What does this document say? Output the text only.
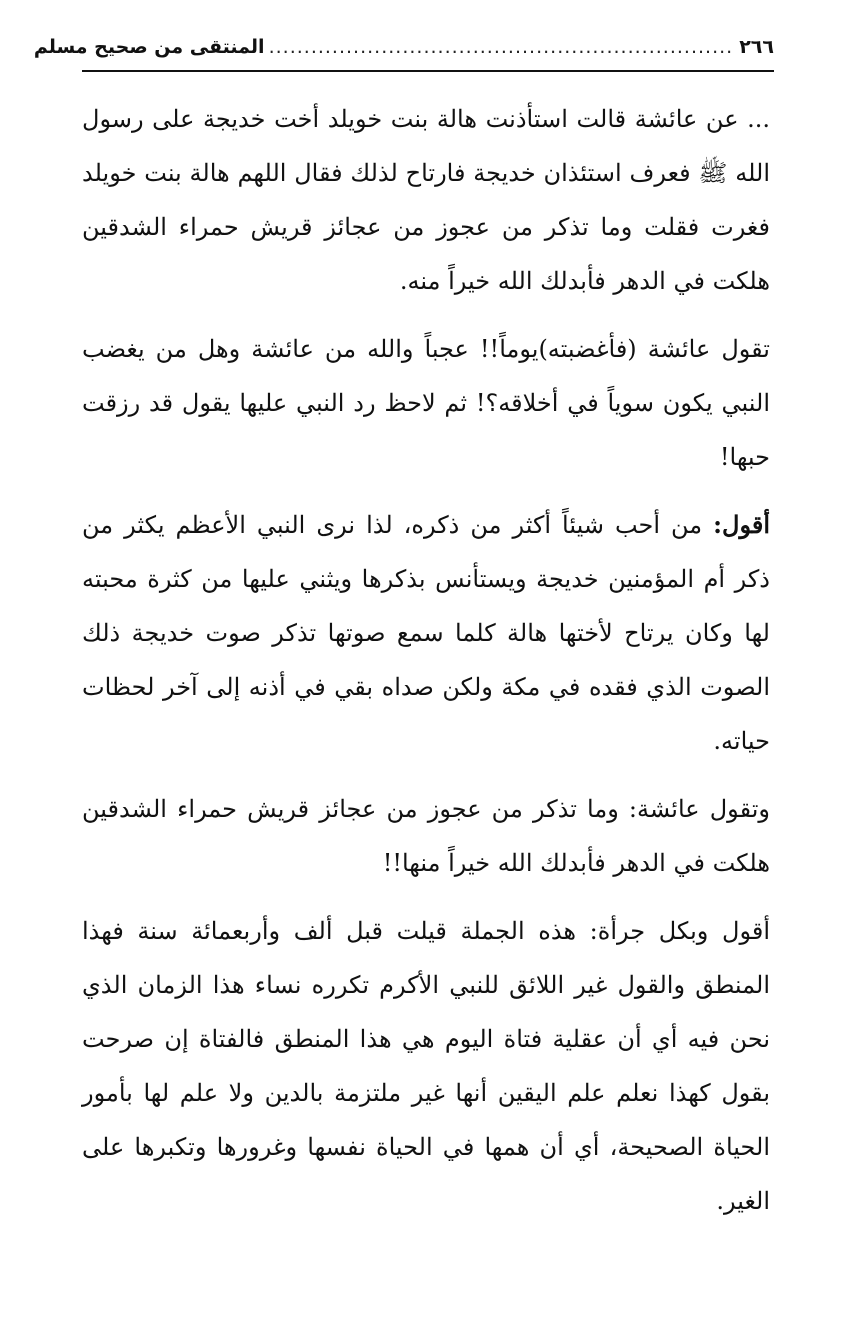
٢٦٦
..................................................................
المنتقى من صحيح مسلم

... عن عائشة قالت استأذنت هالة بنت خويلد أخت خديجة على رسول الله ﷺ فعرف استئذان خديجة فارتاح لذلك فقال اللهم هالة بنت خويلد فغرت فقلت وما تذكر من عجوز من عجائز قريش حمراء الشدقين هلكت في الدهر فأبدلك الله خيراً منه.

تقول عائشة (فأغضبته)يوماً!! عجباً والله من عائشة وهل من يغضب النبي يكون سوياً في أخلاقه؟! ثم لاحظ رد النبي عليها يقول قد رزقت حبها!

أقول: من أحب شيئاً أكثر من ذكره، لذا نرى النبي الأعظم يكثر من ذكر أم المؤمنين خديجة ويستأنس بذكرها ويثني عليها من كثرة محبته لها وكان يرتاح لأختها هالة كلما سمع صوتها تذكر صوت خديجة ذلك الصوت الذي فقده في مكة ولكن صداه بقي في أذنه إلى آخر لحظات حياته.

وتقول عائشة: وما تذكر من عجوز من عجائز قريش حمراء الشدقين هلكت في الدهر فأبدلك الله خيراً منها!!

أقول وبكل جرأة: هذه الجملة قيلت قبل ألف وأربعمائة سنة فهذا المنطق والقول غير اللائق للنبي الأكرم تكرره نساء هذا الزمان الذي نحن فيه أي أن عقلية فتاة اليوم هي هذا المنطق فالفتاة إن صرحت بقول كهذا نعلم علم اليقين أنها غير ملتزمة بالدين ولا علم لها بأمور الحياة الصحيحة، أي أن همها في الحياة نفسها وغرورها وتكبرها على الغير.
